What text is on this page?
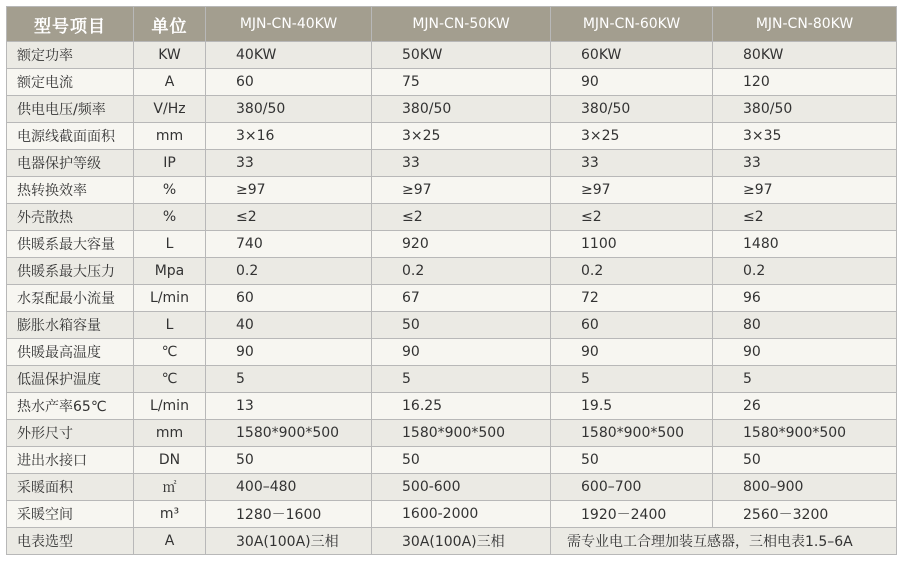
型号项目	单位	MJN-CN-40KW	MJN-CN-50KW	MJN-CN-60KW	MJN-CN-80KW
额定功率	KW	40KW	50KW	60KW	80KW
额定电流	A	60	75	90	120
供电电压/频率	V/Hz	380/50	380/50	380/50	380/50
电源线截面面积	mm	3×16	3×25	3×25	3×35
电器保护等级	IP	33	33	33	33
热转换效率	%	≥97	≥97	≥97	≥97
外壳散热	%	≤2	≤2	≤2	≤2
供暖系最大容量	L	740	920	1100	1480
供暖系最大压力	Mpa	0.2	0.2	0.2	0.2
水泵配最小流量	L/min	60	67	72	96
膨胀水箱容量	L	40	50	60	80
供暖最高温度	℃	90	90	90	90
低温保护温度	℃	5	5	5	5
热水产率65℃	L/min	13	16.25	19.5	26
外形尺寸	mm	1580*900*500	1580*900*500	1580*900*500	1580*900*500
进出水接口	DN	50	50	50	50
采暖面积	㎡	400–480	500-600	600–700	800–900
采暖空间	m³	1280－1600	1600-2000	1920－2400	2560－3200
电表选型	A	30A(100A)三相	30A(100A)三相	需专业电工合理加装互感器，三相电表1.5–6A	
